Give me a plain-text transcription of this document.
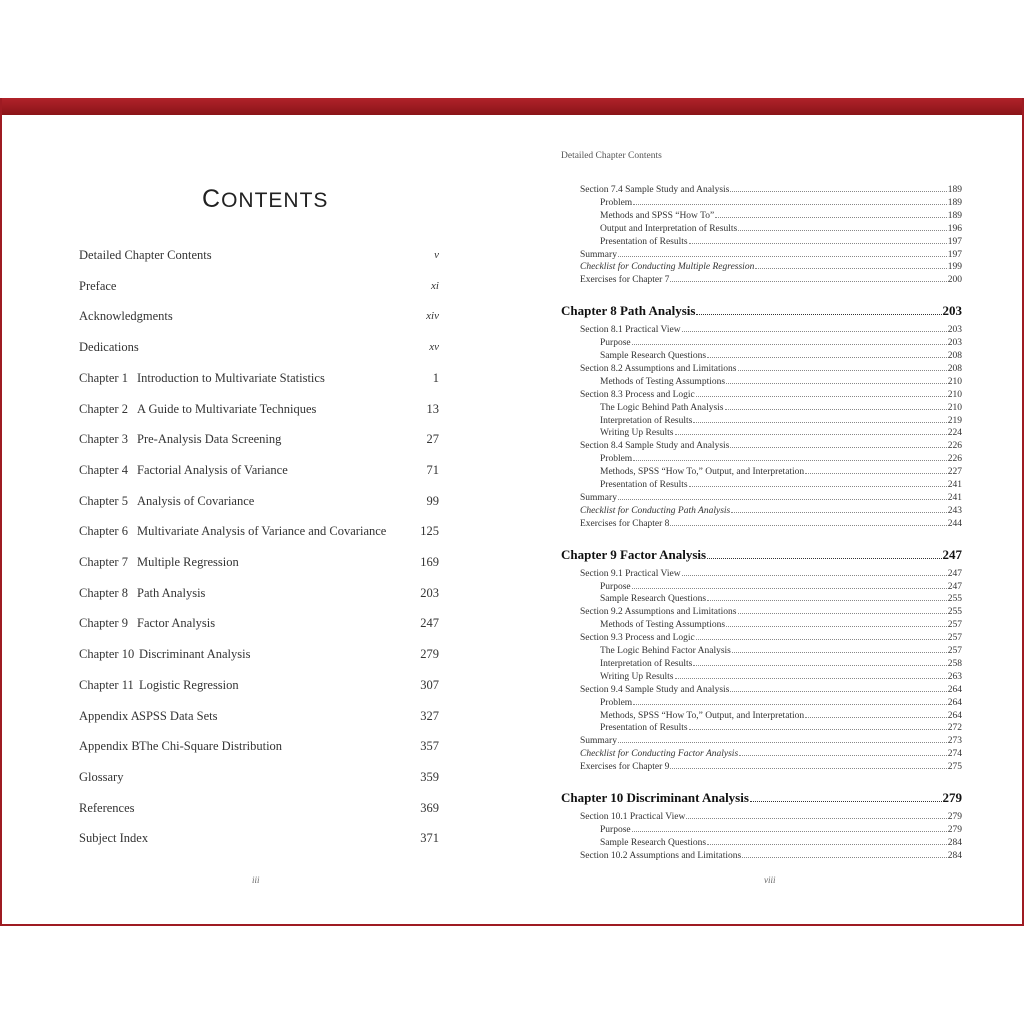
CONTENTS
Detailed Chapter Contents	v
Preface	xi
Acknowledgments	xiv
Dedications	xv
Chapter 1 Introduction to Multivariate Statistics	1
Chapter 2 A Guide to Multivariate Techniques	13
Chapter 3 Pre-Analysis Data Screening	27
Chapter 4 Factorial Analysis of Variance	71
Chapter 5 Analysis of Covariance	99
Chapter 6 Multivariate Analysis of Variance and Covariance	125
Chapter 7 Multiple Regression	169
Chapter 8 Path Analysis	203
Chapter 9 Factor Analysis	247
Chapter 10 Discriminant Analysis	279
Chapter 11 Logistic Regression	307
Appendix ASPSS Data Sets	327
Appendix BThe Chi-Square Distribution	357
Glossary	359
References	369
Subject Index	371
iii
Detailed Chapter Contents
Section 7.4 Sample Study and Analysis	189
Problem	189
Methods and SPSS “How To”	189
Output and Interpretation of Results	196
Presentation of Results	197
Summary	197
Checklist for Conducting Multiple Regression	199
Exercises for Chapter 7	200
Chapter 8 Path Analysis	203
Section 8.1 Practical View	203
Purpose	203
Sample Research Questions	208
Section 8.2 Assumptions and Limitations	208
Methods of Testing Assumptions	210
Section 8.3 Process and Logic	210
The Logic Behind Path Analysis	210
Interpretation of Results	219
Writing Up Results	224
Section 8.4 Sample Study and Analysis	226
Problem	226
Methods, SPSS “How To,” Output, and Interpretation	227
Presentation of Results	241
Summary	241
Checklist for Conducting Path Analysis	243
Exercises for Chapter 8	244
Chapter 9 Factor Analysis	247
Section 9.1 Practical View	247
Purpose	247
Sample Research Questions	255
Section 9.2 Assumptions and Limitations	255
Methods of Testing Assumptions	257
Section 9.3 Process and Logic	257
The Logic Behind Factor Analysis	257
Interpretation of Results	258
Writing Up Results	263
Section 9.4 Sample Study and Analysis	264
Problem	264
Methods, SPSS “How To,” Output, and Interpretation	264
Presentation of Results	272
Summary	273
Checklist for Conducting Factor Analysis	274
Exercises for Chapter 9	275
Chapter 10 Discriminant Analysis	279
Section 10.1 Practical View	279
Purpose	279
Sample Research Questions	284
Section 10.2 Assumptions and Limitations	284
viii
